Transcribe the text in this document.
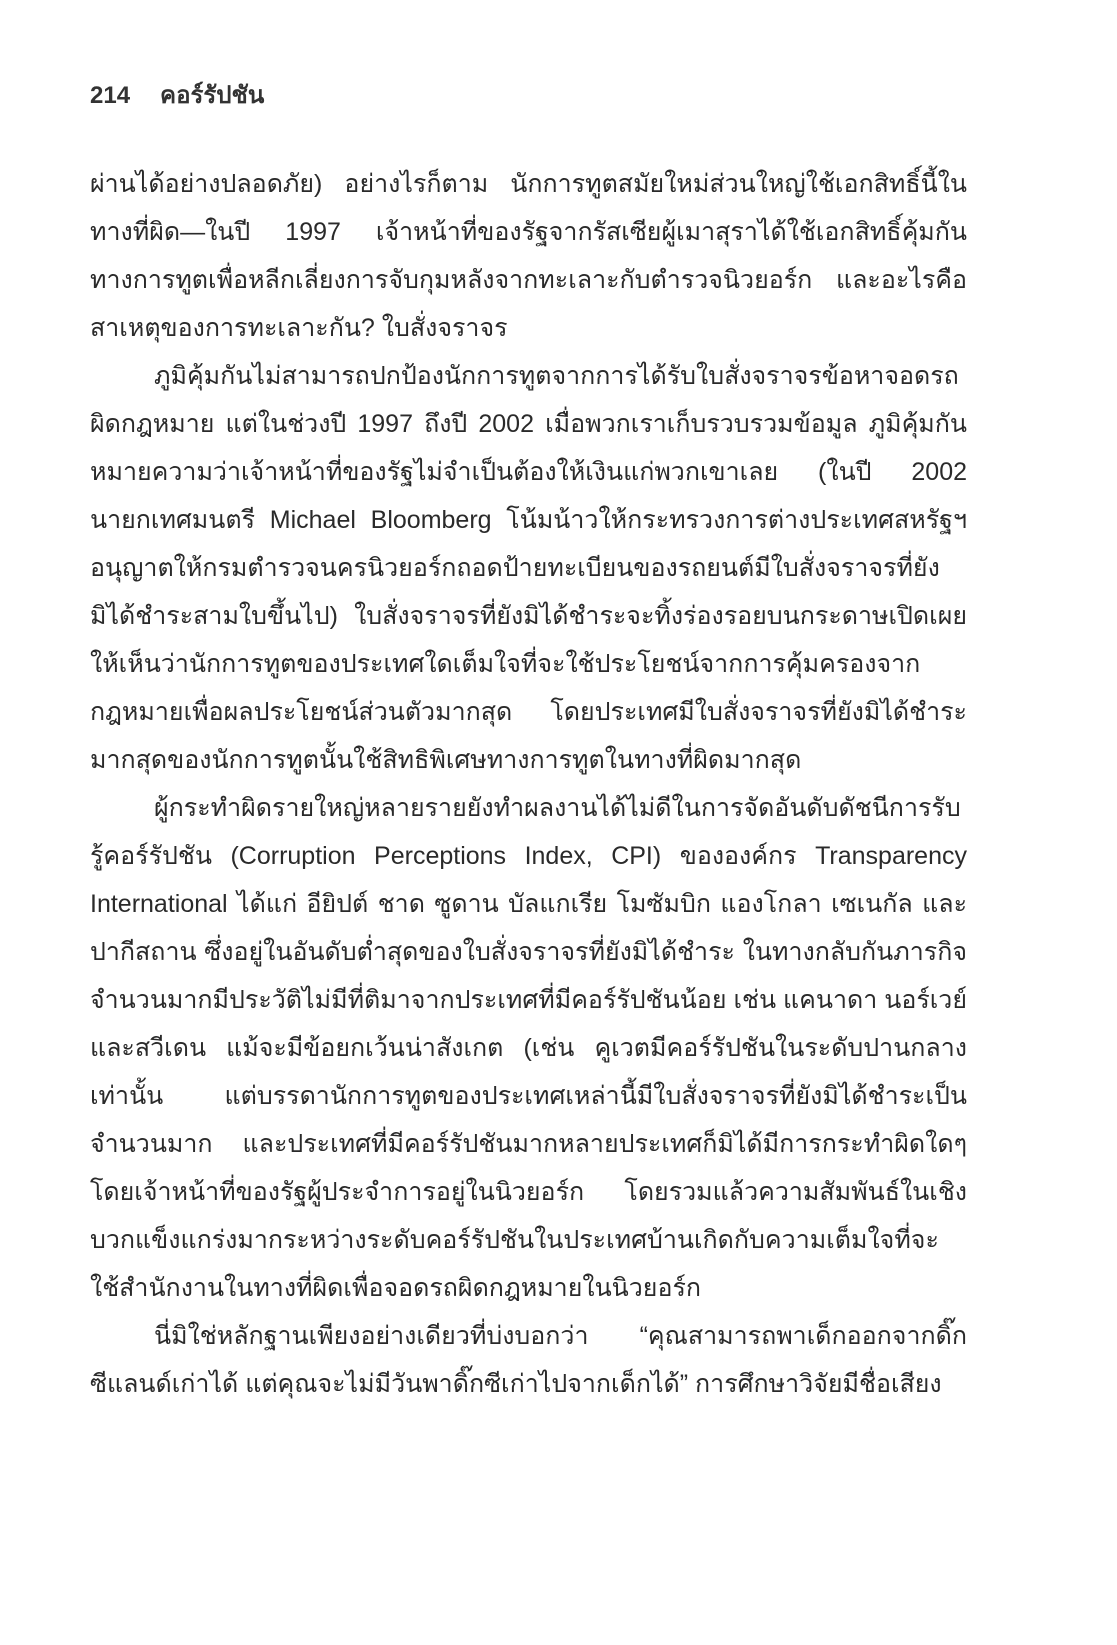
214 คอร์รัปชัน

ผ่านได้อย่างปลอดภัย) อย่างไรก็ตาม นักการทูตสมัยใหม่ส่วนใหญ่ใช้เอกสิทธิ์นี้ในทางที่ผิด—ในปี 1997 เจ้าหน้าที่ของรัฐจากรัสเซียผู้เมาสุราได้ใช้เอกสิทธิ์คุ้มกันทางการทูตเพื่อหลีกเลี่ยงการจับกุมหลังจากทะเลาะกับตำรวจนิวยอร์ก และอะไรคือสาเหตุของการทะเลาะกัน? ใบสั่งจราจร

ภูมิคุ้มกันไม่สามารถปกป้องนักการทูตจากการได้รับใบสั่งจราจรข้อหาจอดรถผิดกฎหมาย แต่ในช่วงปี 1997 ถึงปี 2002 เมื่อพวกเราเก็บรวบรวมข้อมูล ภูมิคุ้มกันหมายความว่าเจ้าหน้าที่ของรัฐไม่จำเป็นต้องให้เงินแก่พวกเขาเลย (ในปี 2002 นายกเทศมนตรี Michael Bloomberg โน้มน้าวให้กระทรวงการต่างประเทศสหรัฐฯ อนุญาตให้กรมตำรวจนครนิวยอร์กถอดป้ายทะเบียนของรถยนต์มีใบสั่งจราจรที่ยังมิได้ชำระสามใบขึ้นไป) ใบสั่งจราจรที่ยังมิได้ชำระจะทิ้งร่องรอยบนกระดาษเปิดเผยให้เห็นว่านักการทูตของประเทศใดเต็มใจที่จะใช้ประโยชน์จากการคุ้มครองจากกฎหมายเพื่อผลประโยชน์ส่วนตัวมากสุด โดยประเทศมีใบสั่งจราจรที่ยังมิได้ชำระมากสุดของนักการทูตนั้นใช้สิทธิพิเศษทางการทูตในทางที่ผิดมากสุด

ผู้กระทำผิดรายใหญ่หลายรายยังทำผลงานได้ไม่ดีในการจัดอันดับดัชนีการรับรู้คอร์รัปชัน (Corruption Perceptions Index, CPI) ขององค์กร Transparency International ได้แก่ อียิปต์ ชาด ซูดาน บัลแกเรีย โมซัมบิก แองโกลา เซเนกัล และปากีสถาน ซึ่งอยู่ในอันดับต่ำสุดของใบสั่งจราจรที่ยังมิได้ชำระ ในทางกลับกันภารกิจจำนวนมากมีประวัติไม่มีที่ติมาจากประเทศที่มีคอร์รัปชันน้อย เช่น แคนาดา นอร์เวย์ และสวีเดน แม้จะมีข้อยกเว้นน่าสังเกต (เช่น คูเวตมีคอร์รัปชันในระดับปานกลางเท่านั้น แต่บรรดานักการทูตของประเทศเหล่านี้มีใบสั่งจราจรที่ยังมิได้ชำระเป็นจำนวนมาก และประเทศที่มีคอร์รัปชันมากหลายประเทศก็มิได้มีการกระทำผิดใดๆ โดยเจ้าหน้าที่ของรัฐผู้ประจำการอยู่ในนิวยอร์ก โดยรวมแล้วความสัมพันธ์ในเชิงบวกแข็งแกร่งมากระหว่างระดับคอร์รัปชันในประเทศบ้านเกิดกับความเต็มใจที่จะใช้สำนักงานในทางที่ผิดเพื่อจอดรถผิดกฎหมายในนิวยอร์ก

นี่มิใช่หลักฐานเพียงอย่างเดียวที่บ่งบอกว่า “คุณสามารถพาเด็กออกจากดิ๊กซีแลนด์เก่าได้ แต่คุณจะไม่มีวันพาดิ๊กซีเก่าไปจากเด็กได้” การศึกษาวิจัยมีชื่อเสียง
